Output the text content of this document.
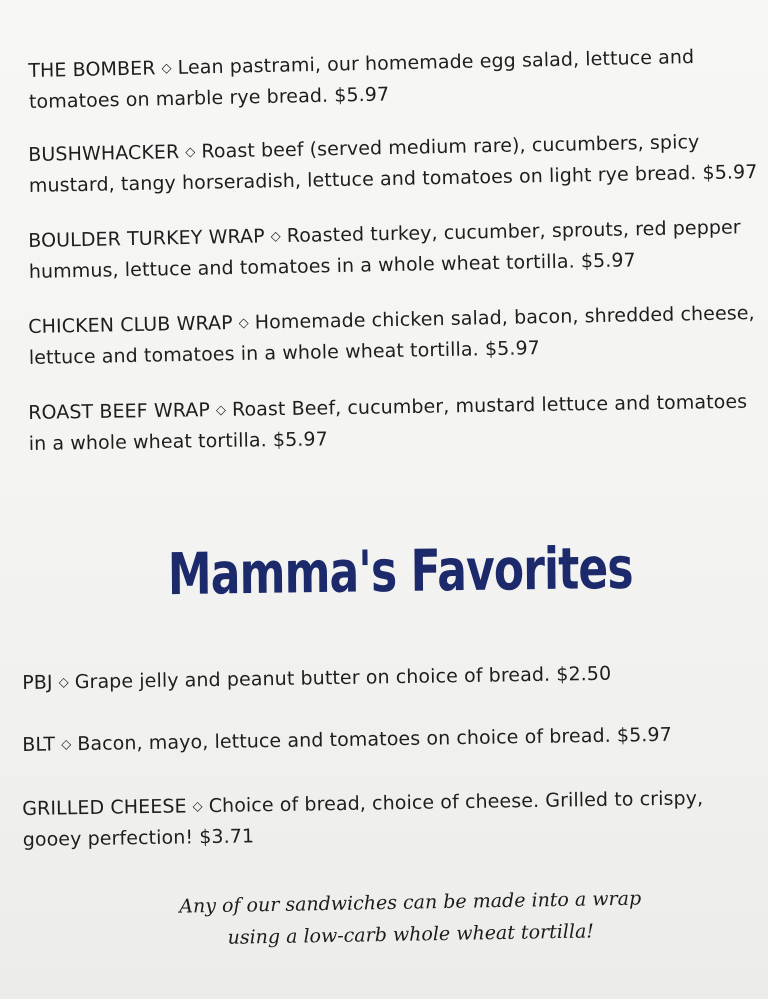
THE BOMBER ◇ Lean pastrami, our homemade egg salad, lettuce and tomatoes on marble rye bread. $5.97
BUSHWHACKER ◇ Roast beef (served medium rare), cucumbers, spicy mustard, tangy horseradish, lettuce and tomatoes on light rye bread. $5.97
BOULDER TURKEY WRAP ◇ Roasted turkey, cucumber, sprouts, red pepper hummus, lettuce and tomatoes in a whole wheat tortilla. $5.97
CHICKEN CLUB WRAP ◇ Homemade chicken salad, bacon, shredded cheese, lettuce and tomatoes in a whole wheat tortilla. $5.97
ROAST BEEF WRAP ◇ Roast Beef, cucumber, mustard lettuce and tomatoes in a whole wheat tortilla. $5.97
Mamma's Favorites
PBJ ◇ Grape jelly and peanut butter on choice of bread. $2.50
BLT ◇ Bacon, mayo, lettuce and tomatoes on choice of bread. $5.97
GRILLED CHEESE ◇ Choice of bread, choice of cheese. Grilled to crispy, gooey perfection! $3.71
Any of our sandwiches can be made into a wrap
using a low-carb whole wheat tortilla!
